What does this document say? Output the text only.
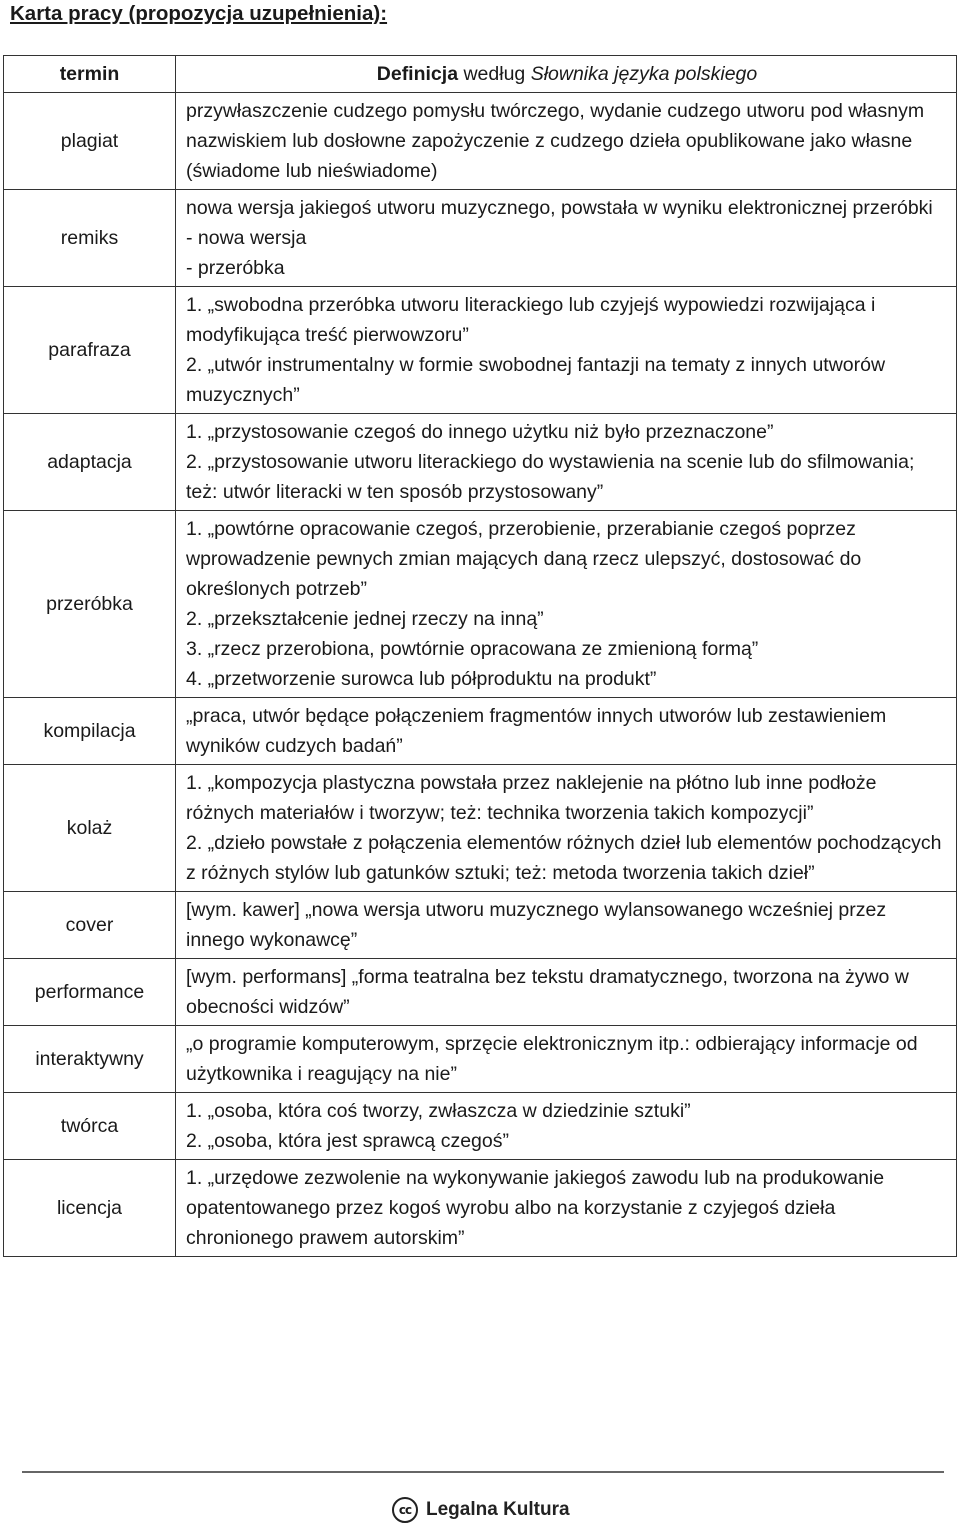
Karta pracy (propozycja uzupełnienia):
termin	Definicja według Słownika języka polskiego
plagiat	przywłaszczenie cudzego pomysłu twórczego, wydanie cudzego utworu pod własnym nazwiskiem lub dosłowne zapożyczenie z cudzego dzieła opublikowane jako własne (świadome lub nieświadome)

remiks	nowa wersja jakiegoś utworu muzycznego, powstała w wyniku elektronicznej przeróbki
- nowa wersja
- przeróbka

parafraza	1. „swobodna przeróbka utworu literackiego lub czyjejś wypowiedzi rozwijająca i modyfikująca treść pierwowzoru”
2. „utwór instrumentalny w formie swobodnej fantazji na tematy z innych utworów muzycznych”

adaptacja	1. „przystosowanie czegoś do innego użytku niż było przeznaczone”
2. „przystosowanie utworu literackiego do wystawienia na scenie lub do sfilmowania; też: utwór literacki w ten sposób przystosowany”

przeróbka	1. „powtórne opracowanie czegoś, przerobienie, przerabianie czegoś poprzez wprowadzenie pewnych zmian mających daną rzecz ulepszyć, dostosować do określonych potrzeb”
2. „przekształcenie jednej rzeczy na inną”
3. „rzecz przerobiona, powtórnie opracowana ze zmienioną formą”
4. „przetworzenie surowca lub półproduktu na produkt”

kompilacja	„praca, utwór będące połączeniem fragmentów innych utworów lub zestawieniem wyników cudzych badań”

kolaż	1. „kompozycja plastyczna powstała przez naklejenie na płótno lub inne podłoże różnych materiałów i tworzyw; też: technika tworzenia takich kompozycji”
2. „dzieło powstałe z połączenia elementów różnych dzieł lub elementów pochodzących z różnych stylów lub gatunków sztuki; też: metoda tworzenia takich dzieł”

cover	[wym. kawer] „nowa wersja utworu muzycznego wylansowanego wcześniej przez innego wykonawcę”

performance	[wym. performans] „forma teatralna bez tekstu dramatycznego, tworzona na żywo w obecności widzów”

interaktywny	„o programie komputerowym, sprzęcie elektronicznym itp.: odbierający informacje od użytkownika i reagujący na nie”

twórca	1. „osoba, która coś tworzy, zwłaszcza w dziedzinie sztuki”
2. „osoba, która jest sprawcą czegoś”

licencja	1. „urzędowe zezwolenie na wykonywanie jakiegoś zawodu lub na produkowanie opatentowanego przez kogoś wyrobu albo na korzystanie z czyjegoś dzieła chronionego prawem autorskim”
cc Legalna Kultura
